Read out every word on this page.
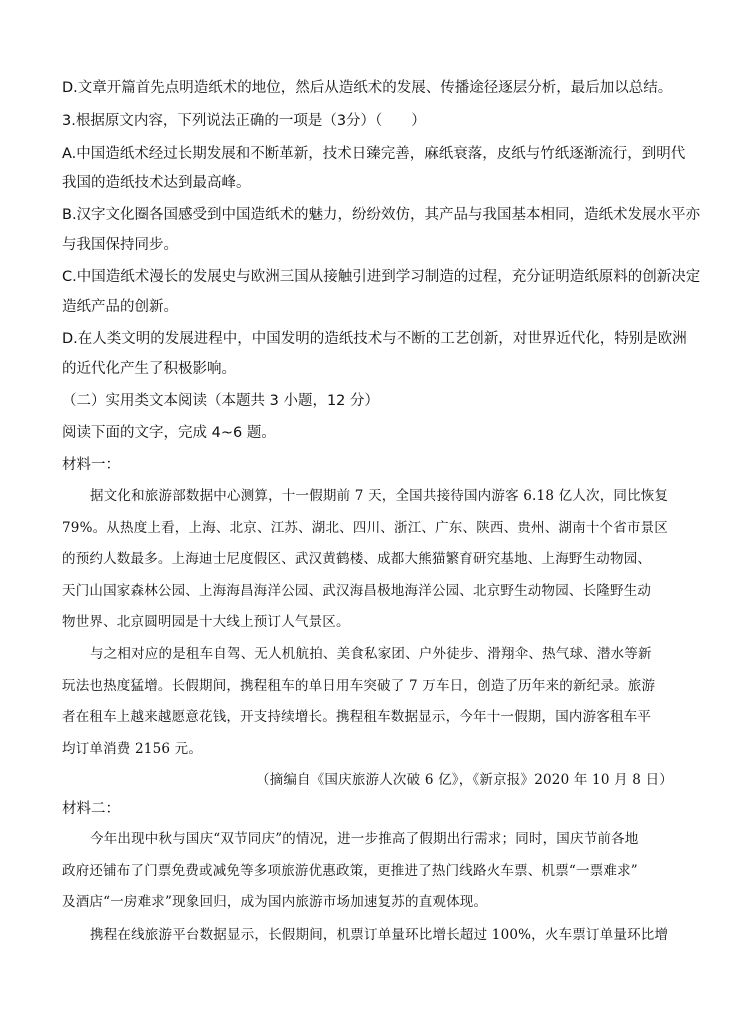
D.文章开篇首先点明造纸术的地位，然后从造纸术的发展、传播途径逐层分析，最后加以总结。
3.根据原文内容，下列说法正确的一项是（3分）（　　）
A.中国造纸术经过长期发展和不断革新，技术日臻完善，麻纸衰落，皮纸与竹纸逐渐流行，到明代
我国的造纸技术达到最高峰。
B.汉字文化圈各国感受到中国造纸术的魅力，纷纷效仿，其产品与我国基本相同，造纸术发展水平亦
与我国保持同步。
C.中国造纸术漫长的发展史与欧洲三国从接触引进到学习制造的过程，充分证明造纸原料的创新决定
造纸产品的创新。
D.在人类文明的发展进程中，中国发明的造纸技术与不断的工艺创新，对世界近代化，特别是欧洲
的近代化产生了积极影响。
（二）实用类文本阅读（本题共 3 小题，12 分）
阅读下面的文字，完成 4~6 题。
材料一：
据文化和旅游部数据中心测算，十一假期前 7 天，全国共接待国内游客 6.18 亿人次，同比恢复
79%。从热度上看，上海、北京、江苏、湖北、四川、浙江、广东、陕西、贵州、湖南十个省市景区
的预约人数最多。上海迪士尼度假区、武汉黄鹤楼、成都大熊猫繁育研究基地、上海野生动物园、
天门山国家森林公园、上海海昌海洋公园、武汉海昌极地海洋公园、北京野生动物园、长隆野生动
物世界、北京圆明园是十大线上预订人气景区。
与之相对应的是租车自驾、无人机航拍、美食私家团、户外徒步、滑翔伞、热气球、潜水等新
玩法也热度猛增。长假期间，携程租车的单日用车突破了 7 万车日，创造了历年来的新纪录。旅游
者在租车上越来越愿意花钱，开支持续增长。携程租车数据显示，今年十一假期，国内游客租车平
均订单消费 2156 元。
（摘编自《国庆旅游人次破 6 亿》，《新京报》2020 年 10 月 8 日）
材料二：
今年出现中秋与国庆“双节同庆”的情况，进一步推高了假期出行需求；同时，国庆节前各地
政府还铺布了门票免费或减免等多项旅游优惠政策，更推进了热门线路火车票、机票“一票难求”
及酒店“一房难求”现象回归，成为国内旅游市场加速复苏的直观体现。
携程在线旅游平台数据显示，长假期间，机票订单量环比增长超过 100%，火车票订单量环比增
